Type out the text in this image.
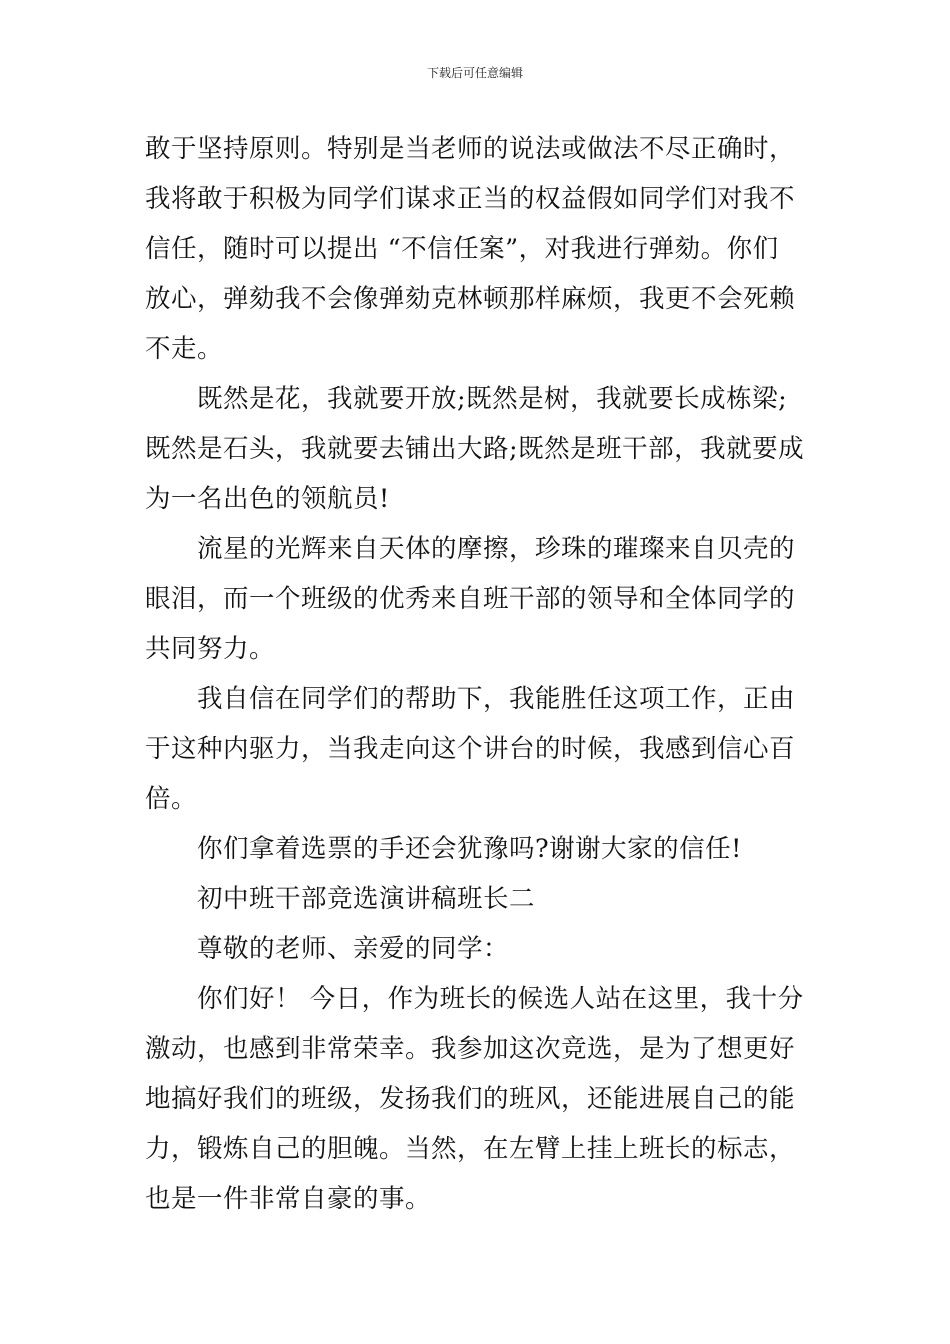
下载后可任意编辑
敢于坚持原则。特别是当老师的说法或做法不尽正确时，
我将敢于积极为同学们谋求正当的权益假如同学们对我不
信任，随时可以提出 “不信任案”，对我进行弹劾。你们
放心，弹劾我不会像弹劾克林顿那样麻烦，我更不会死赖
不走。
既然是花，我就要开放;既然是树，我就要长成栋梁;
既然是石头，我就要去铺出大路;既然是班干部，我就要成
为一名出色的领航员!
流星的光辉来自天体的摩擦，珍珠的璀璨来自贝壳的
眼泪，而一个班级的优秀来自班干部的领导和全体同学的
共同努力。
我自信在同学们的帮助下，我能胜任这项工作，正由
于这种内驱力，当我走向这个讲台的时候，我感到信心百
倍。
你们拿着选票的手还会犹豫吗?谢谢大家的信任!
初中班干部竞选演讲稿班长二
尊敬的老师、亲爱的同学：
你们好！ 今日，作为班长的候选人站在这里，我十分
激动，也感到非常荣幸。我参加这次竞选，是为了想更好
地搞好我们的班级，发扬我们的班风，还能进展自己的能
力，锻炼自己的胆魄。当然，在左臂上挂上班长的标志，
也是一件非常自豪的事。
